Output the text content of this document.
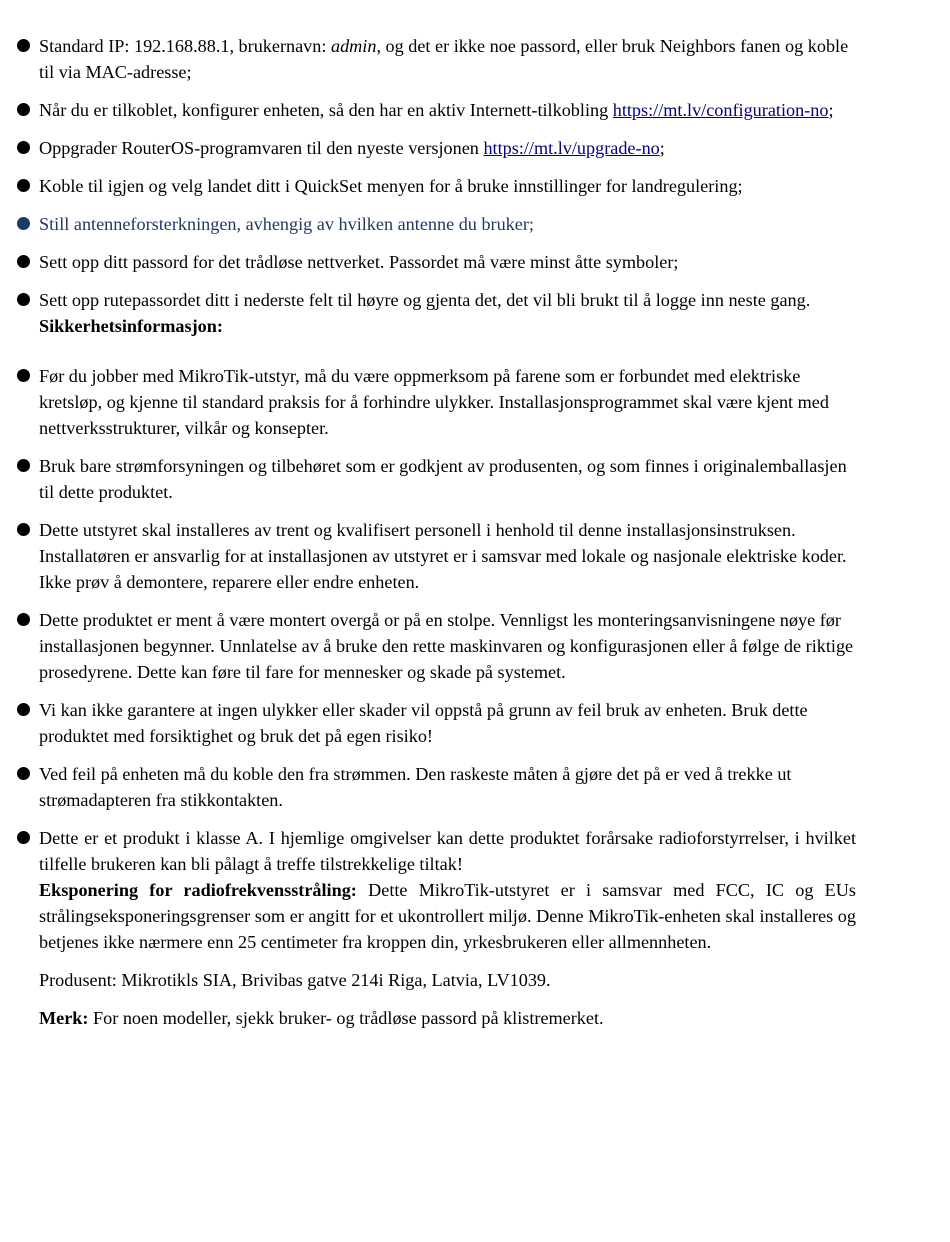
Standard IP: 192.168.88.1, brukernavn: admin, og det er ikke noe passord, eller bruk Neighbors fanen og koble til via MAC-adresse;
Når du er tilkoblet, konfigurer enheten, så den har en aktiv Internett-tilkobling https://mt.lv/configuration-no;
Oppgrader RouterOS-programvaren til den nyeste versjonen https://mt.lv/upgrade-no;
Koble til igjen og velg landet ditt i QuickSet menyen for å bruke innstillinger for landregulering;
Still antenneforsterkningen, avhengig av hvilken antenne du bruker;
Sett opp ditt passord for det trådløse nettverket. Passordet må være minst åtte symboler;
Sett opp rutepassordet ditt i nederste felt til høyre og gjenta det, det vil bli brukt til å logge inn neste gang.
Sikkerhetsinformasjon:
Før du jobber med MikroTik-utstyr, må du være oppmerksom på farene som er forbundet med elektriske kretsløp, og kjenne til standard praksis for å forhindre ulykker. Installasjonsprogrammet skal være kjent med nettverksstrukturer, vilkår og konsepter.
Bruk bare strømforsyningen og tilbehøret som er godkjent av produsenten, og som finnes i originalemballasjen til dette produktet.
Dette utstyret skal installeres av trent og kvalifisert personell i henhold til denne installasjonsinstruksen. Installatøren er ansvarlig for at installasjonen av utstyret er i samsvar med lokale og nasjonale elektriske koder. Ikke prøv å demontere, reparere eller endre enheten.
Dette produktet er ment å være montert overgå or på en stolpe. Vennligst les monteringsanvisningene nøye før installasjonen begynner. Unnlatelse av å bruke den rette maskinvaren og konfigurasjonen eller å følge de riktige prosedyrene. Dette kan føre til fare for mennesker og skade på systemet.
Vi kan ikke garantere at ingen ulykker eller skader vil oppstå på grunn av feil bruk av enheten. Bruk dette produktet med forsiktighet og bruk det på egen risiko!
Ved feil på enheten må du koble den fra strømmen. Den raskeste måten å gjøre det på er ved å trekke ut strømadapteren fra stikkontakten.
Dette er et produkt i klasse A. I hjemlige omgivelser kan dette produktet forårsake radioforstyrrelser, i hvilket tilfelle brukeren kan bli pålagt å treffe tilstrekkelige tiltak!
Eksponering for radiofrekvensstråling: Dette MikroTik-utstyret er i samsvar med FCC, IC og EUs strålingseksponeringsgrenser som er angitt for et ukontrollert miljø. Denne MikroTik-enheten skal installeres og betjenes ikke nærmere enn 25 centimeter fra kroppen din, yrkesbrukeren eller allmennheten.
Produsent: Mikrotikls SIA, Brivibas gatve 214i Riga, Latvia, LV1039.
Merk: For noen modeller, sjekk bruker- og trådløse passord på klistremerket.
